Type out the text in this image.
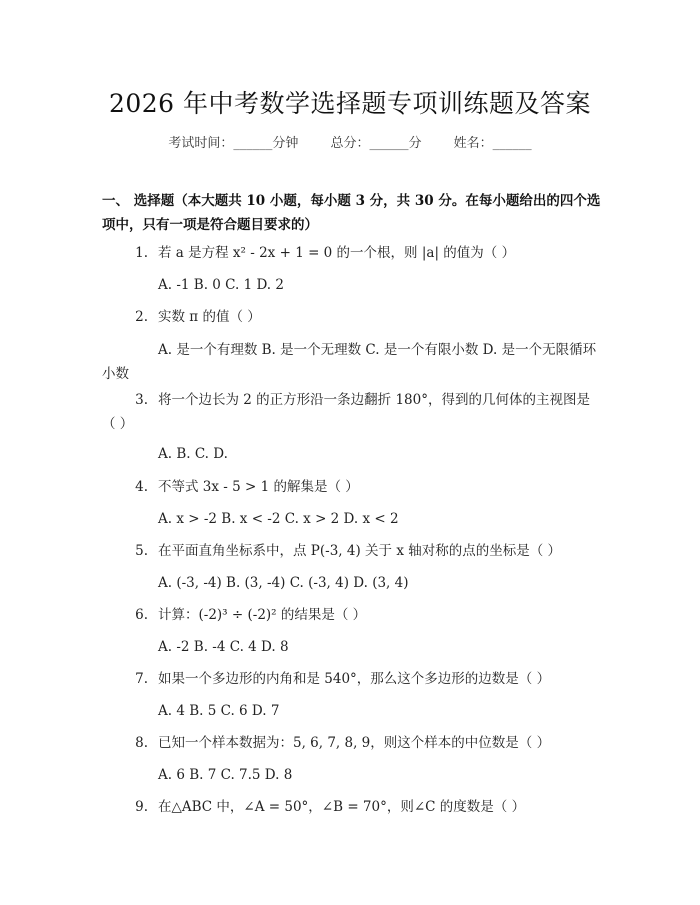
2026 年中考数学选择题专项训练题及答案
考试时间：______分钟 总分：______分 姓名：______
一、 选择题（本大题共 10 小题，每小题 3 分，共 30 分。在每小题给出的四个选项中，只有一项是符合题目要求的）
1. 若 a 是方程 x² - 2x + 1 = 0 的一个根，则 |a| 的值为（ ）
A. -1 B. 0 C. 1 D. 2
2. 实数 π 的值（ ）
A. 是一个有理数 B. 是一个无理数 C. 是一个有限小数 D. 是一个无限循环小数
3. 将一个边长为 2 的正方形沿一条边翻折 180°，得到的几何体的主视图是（ ）
A. B. C. D.
4. 不等式 3x - 5 > 1 的解集是（ ）
A. x > -2 B. x < -2 C. x > 2 D. x < 2
5. 在平面直角坐标系中，点 P(-3, 4) 关于 x 轴对称的点的坐标是（ ）
A. (-3, -4) B. (3, -4) C. (-3, 4) D. (3, 4)
6. 计算：(-2)³ ÷ (-2)² 的结果是（ ）
A. -2 B. -4 C. 4 D. 8
7. 如果一个多边形的内角和是 540°，那么这个多边形的边数是（ ）
A. 4 B. 5 C. 6 D. 7
8. 已知一个样本数据为：5, 6, 7, 8, 9，则这个样本的中位数是（ ）
A. 6 B. 7 C. 7.5 D. 8
9. 在△ABC 中，∠A = 50°，∠B = 70°，则∠C 的度数是（ ）
